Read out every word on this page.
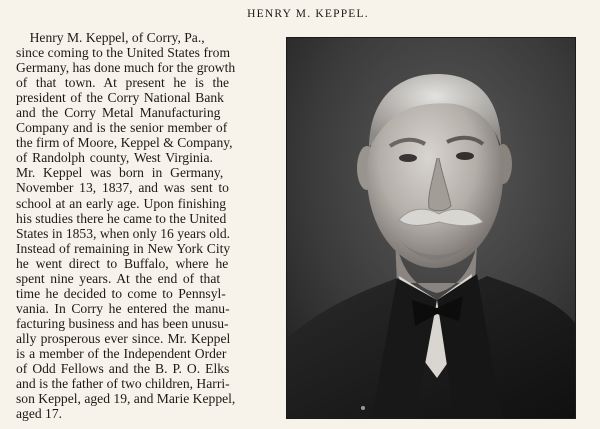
HENRY M. KEPPEL.
Henry M. Keppel, of Corry, Pa.,
since coming to the United States from
Germany, has done much for the growth
of that town. At present he is the
president of the Corry National Bank
and the Corry Metal Manufacturing
Company and is the senior member of
the firm of Moore, Keppel & Company,
of Randolph county, West Virginia.
Mr. Keppel was born in Germany,
November 13, 1837, and was sent to
school at an early age. Upon finishing
his studies there he came to the United
States in 1853, when only 16 years old.
Instead of remaining in New York City
he went direct to Buffalo, where he
spent nine years. At the end of that
time he decided to come to Pennsyl-
vania. In Corry he entered the manu-
facturing business and has been unusu-
ally prosperous ever since. Mr. Keppel
is a member of the Independent Order
of Odd Fellows and the B. P. O. Elks
and is the father of two children, Harri-
son Keppel, aged 19, and Marie Keppel,
aged 17.
